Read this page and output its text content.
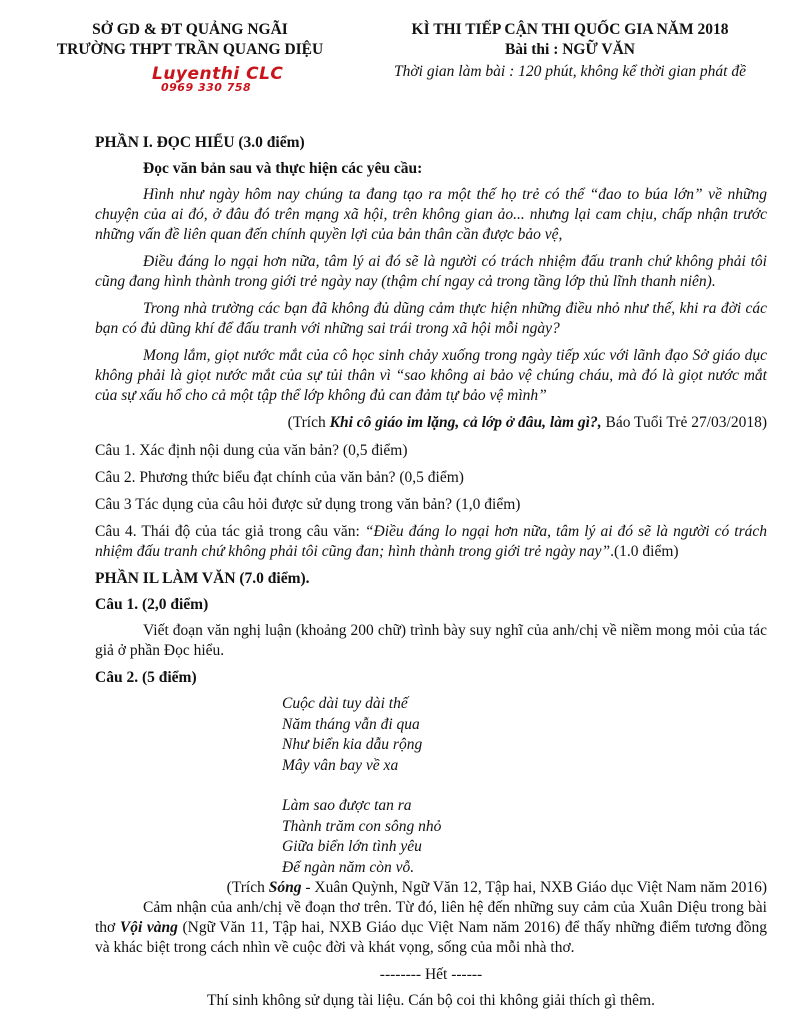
SỞ GD & ĐT QUẢNG NGÃI
TRƯỜNG THPT TRẦN QUANG DIỆU
Luyenthi CLC
0969 330 758
KÌ THI TIẾP CẬN THI QUỐC GIA NĂM 2018
Bài thi : NGỮ VĂN
Thời gian làm bài : 120 phút, không kể thời gian phát đề
PHẦN I. ĐỌC HIỂU (3.0 điểm)
Đọc văn bản sau và thực hiện các yêu cầu:
Hình như ngày hôm nay chúng ta đang tạo ra một thế họ trẻ có thể “đao to búa lớn” về những chuyện của ai đó, ở đâu đó trên mạng xã hội, trên không gian ảo... nhưng lại cam chịu, chấp nhận trước những vấn đề liên quan đến chính quyền lợi của bản thân cần được bảo vệ,
Điều đáng lo ngại hơn nữa, tâm lý ai đó sẽ là người có trách nhiệm đấu tranh chứ không phải tôi cũng đang hình thành trong giới trẻ ngày nay (thậm chí ngay cả trong tầng lớp thủ lĩnh thanh niên).
Trong nhà trường các bạn đã không đủ dũng cảm thực hiện những điều nhỏ như thế, khi ra đời các bạn có đủ dũng khí để đấu tranh với những sai trái trong xã hội mỗi ngày?
Mong lắm, giọt nước mắt của cô học sinh chảy xuống trong ngày tiếp xúc với lãnh đạo Sở giáo dục không phải là giọt nước mắt của sự tủi thân vì “sao không ai bảo vệ chúng cháu, mà đó là giọt nước mắt của sự xấu hổ cho cả một tập thể lớp không đủ can đảm tự bảo vệ mình”
(Trích Khi cô giáo im lặng, cả lớp ở đâu, làm gì?, Báo Tuổi Trẻ 27/03/2018)
Câu 1. Xác định nội dung của văn bản? (0,5 điểm)
Câu 2. Phương thức biểu đạt chính của văn bản? (0,5 điểm)
Câu 3 Tác dụng của câu hỏi được sử dụng trong văn bản? (1,0 điểm)
Câu 4. Thái độ của tác giả trong câu văn: “Điều đáng lo ngại hơn nữa, tâm lý ai đó sẽ là người có trách nhiệm đấu tranh chứ không phải tôi cũng đan; hình thành trong giới trẻ ngày nay”.(1.0 điểm)
PHẦN IL LÀM VĂN (7.0 điểm).
Câu 1. (2,0 điểm)
Viết đoạn văn nghị luận (khoảng 200 chữ) trình bày suy nghĩ của anh/chị về niềm mong mỏi của tác giả ở phần Đọc hiểu.
Câu 2. (5 điểm)
Cuộc dài tuy dài thế
Năm tháng vẫn đi qua
Như biển kia dẫu rộng
Mây vân bay về xa
Làm sao được tan ra
Thành trăm con sông nhỏ
Giữa biển lớn tình yêu
Để ngàn năm còn vỗ.
(Trích Sóng - Xuân Quỳnh, Ngữ Văn 12, Tập hai, NXB Giáo dục Việt Nam năm 2016)
Cảm nhận của anh/chị về đoạn thơ trên. Từ đó, liên hệ đến những suy cảm của Xuân Diệu trong bài thơ Vội vàng (Ngữ Văn 11, Tập hai, NXB Giáo dục Việt Nam năm 2016) để thấy những điểm tương đồng và khác biệt trong cách nhìn về cuộc đời và khát vọng, sống của mỗi nhà thơ.
-------- Hết ------
Thí sinh không sử dụng tài liệu. Cán bộ coi thi không giải thích gì thêm.
